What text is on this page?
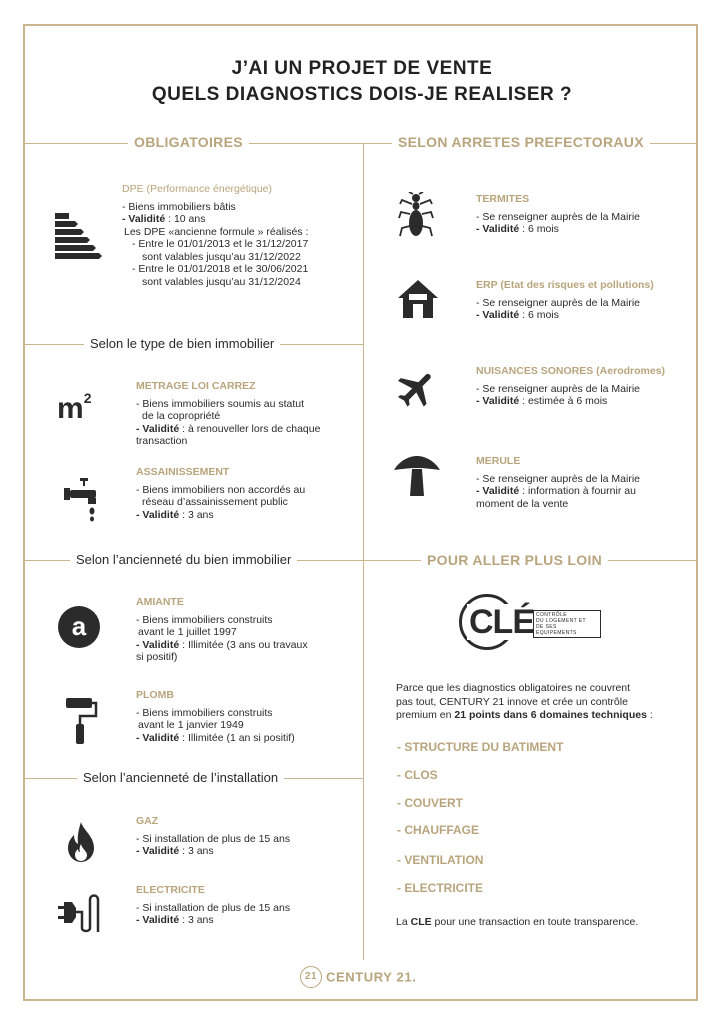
J’AI UN PROJET DE VENTE
QUELS DIAGNOSTICS DOIS-JE REALISER ?
OBLIGATOIRES	SELON ARRETES PREFECTORAUX
Selon le type de bien immobilier
Selon l’ancienneté du bien immobilier	POUR ALLER PLUS LOIN
Selon l’ancienneté de l’installation
DPE (Performance énergétique)
- Biens immobiliers bâtis
- Validité : 10 ans
Les DPE «ancienne formule » réalisés :
- Entre le 01/01/2013 et le 31/12/2017
sont valables jusqu’au 31/12/2022
- Entre le 01/01/2018 et le 30/06/2021
sont valables jusqu’au 31/12/2024
$m^2$
METRAGE LOI CARREZ
- Biens immobiliers soumis au statut
de la copropriété
- Validité : à renouveller lors de chaque
transaction
ASSAINISSEMENT
- Biens immobiliers non accordés au
réseau d’assainissement public
- Validité : 3 ans
a
AMIANTE
- Biens immobiliers construits
avant le 1 juillet 1997
- Validité : Illimitée (3 ans ou travaux
si positif)
PLOMB
- Biens immobiliers construits
avant le 1 janvier 1949
- Validité : Illimitée (1 an si positif)
GAZ
- Si installation de plus de 15 ans
- Validité : 3 ans
ELECTRICITE
- Si installation de plus de 15 ans
- Validité : 3 ans
TERMITES
- Se renseigner auprès de la Mairie
- Validité : 6 mois
ERP (Etat des risques et pollutions)
- Se renseigner auprès de la Mairie
- Validité : 6 mois
NUISANCES SONORES (Aerodromes)
- Se renseigner auprès de la Mairie
- Validité : estimée à 6 mois
MERULE
- Se renseigner auprès de la Mairie
- Validité : information à fournir au
moment de la vente
CLÉ CONTRÔLE
DU LOGEMENT ET
DE SES EQUIPEMENTS
Parce que les diagnostics obligatoires ne couvrent
pas tout, CENTURY 21 innove et crée un contrôle
premium en 21 points dans 6 domaines techniques :
- STRUCTURE DU BATIMENT
- CLOS
- COUVERT
- CHAUFFAGE
- VENTILATION
- ELECTRICITE
La CLE pour une transaction en toute transparence.
21 CENTURY 21.
